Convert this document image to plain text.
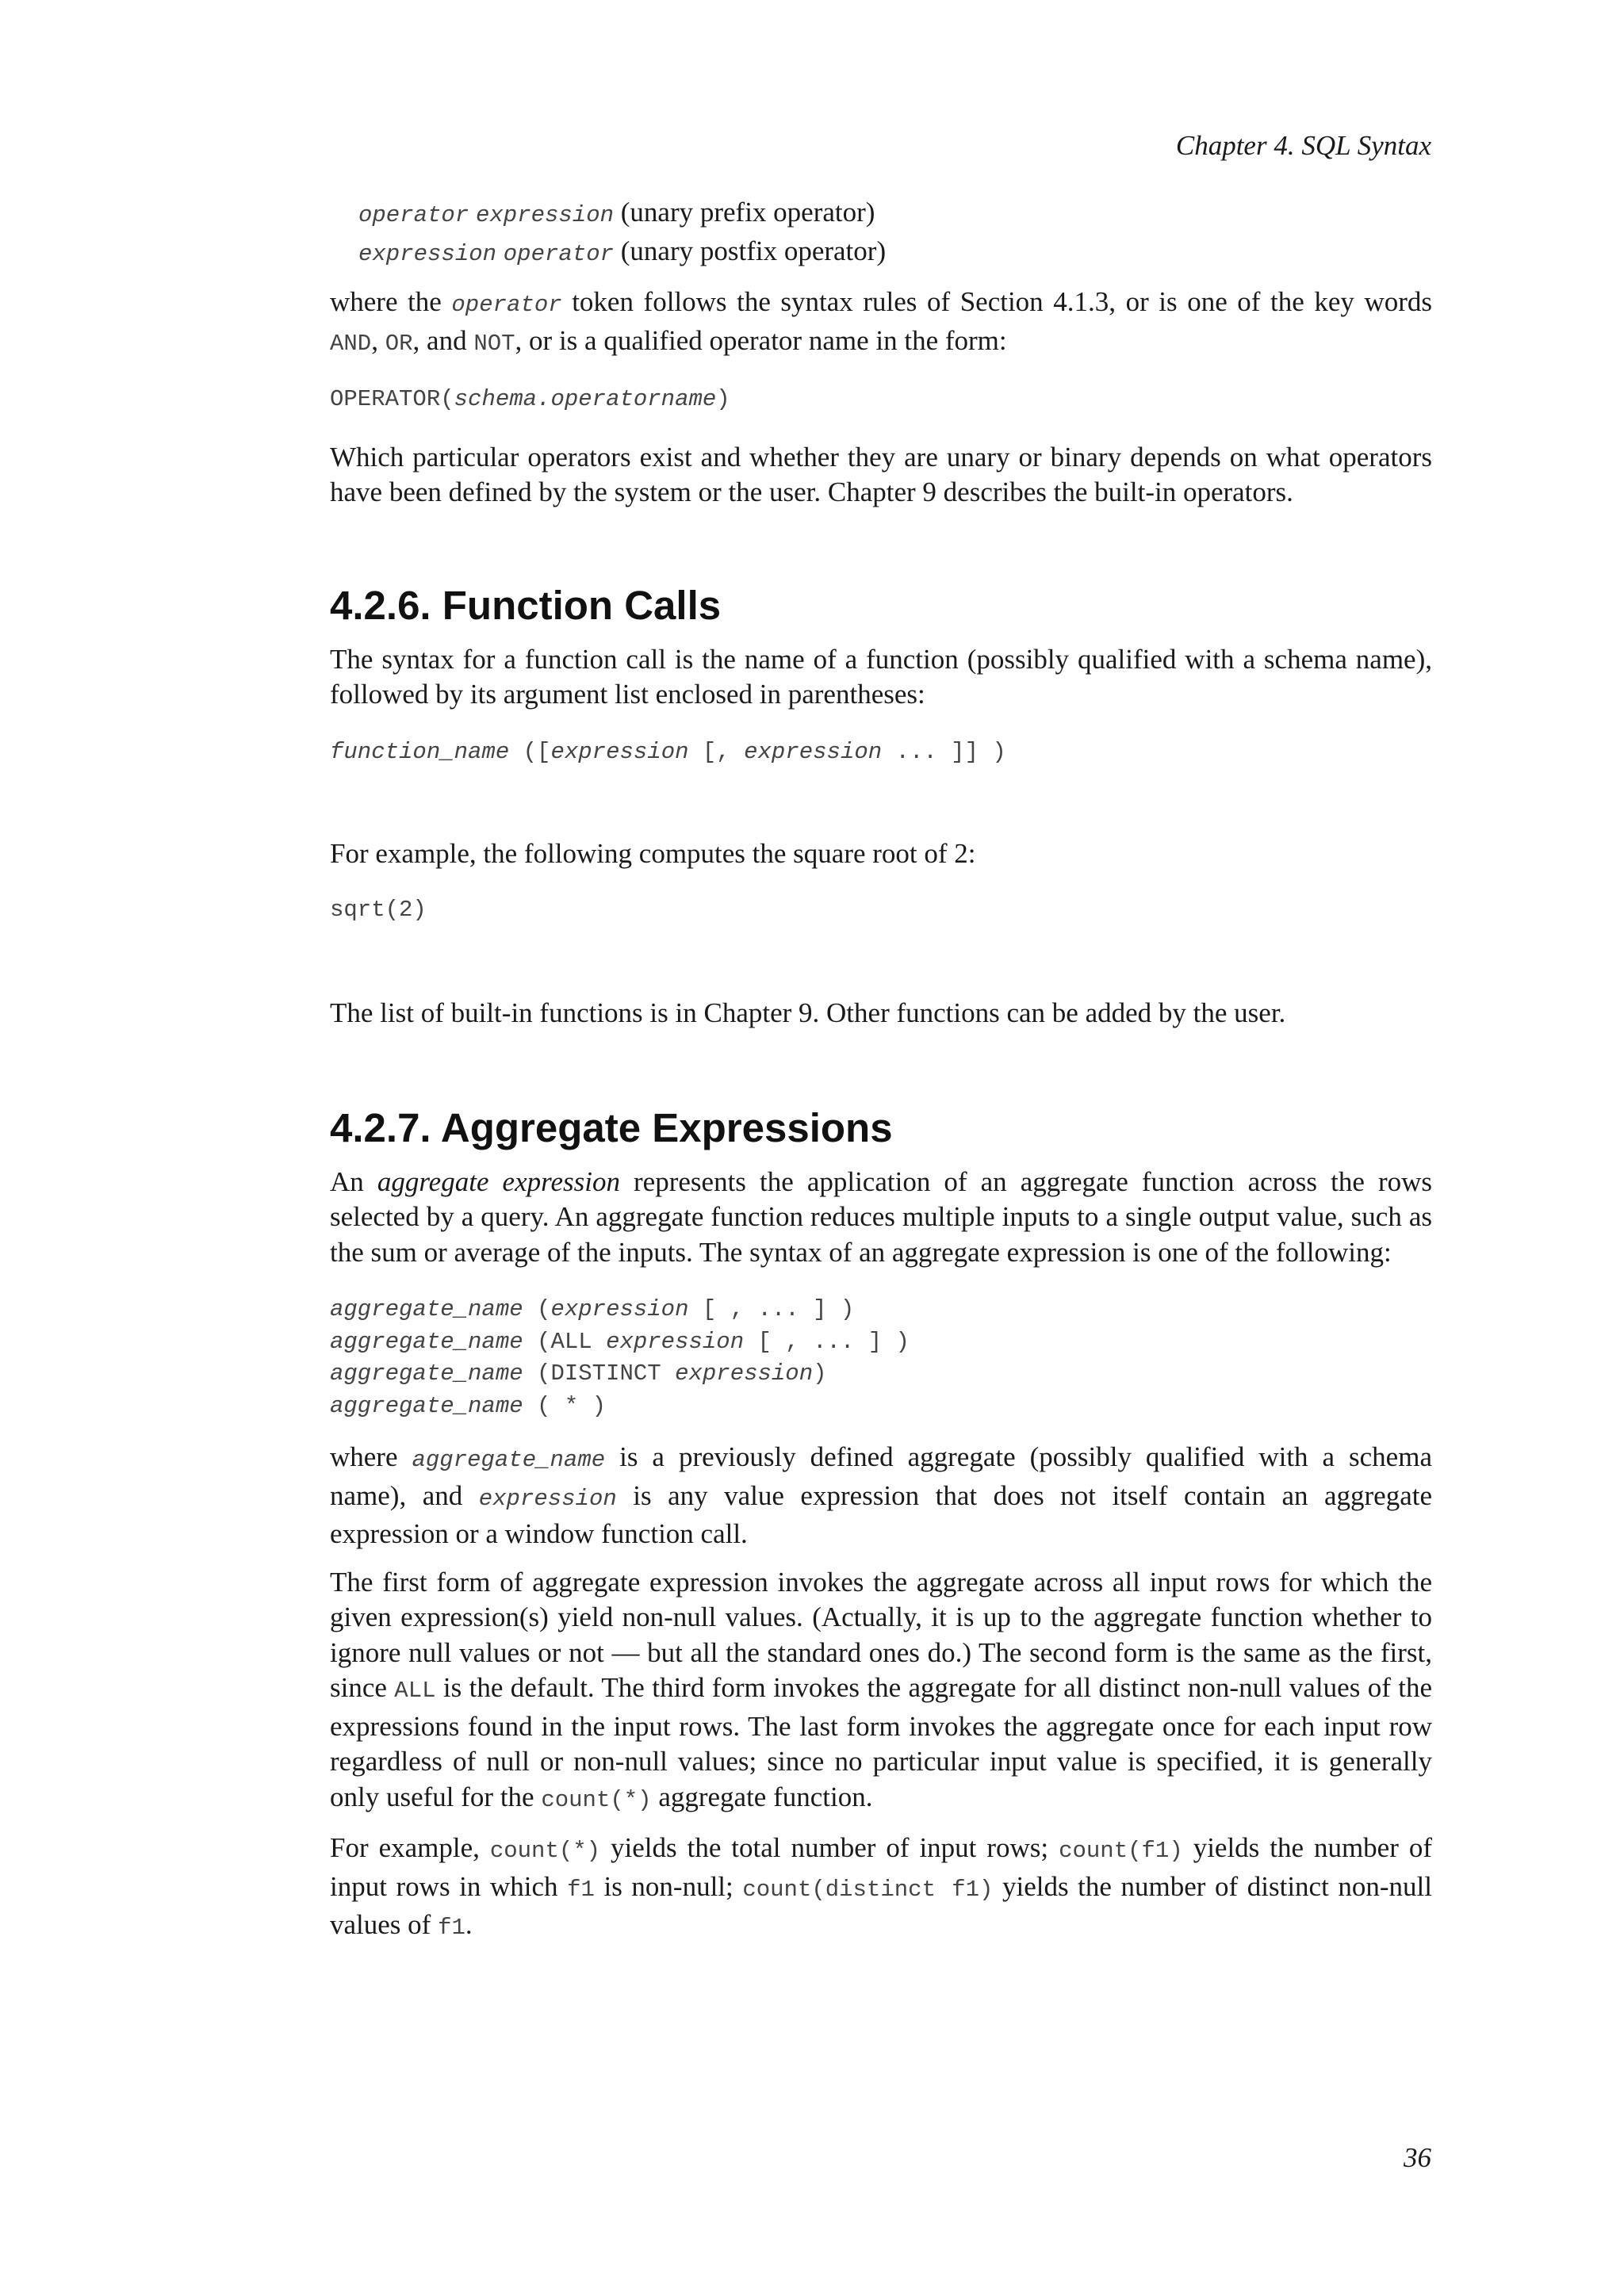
Chapter 4. SQL Syntax
operator expression (unary prefix operator)
expression operator (unary postfix operator)

where the operator token follows the syntax rules of Section 4.1.3, or is one of the key words AND, OR, and NOT, or is a qualified operator name in the form:

OPERATOR(schema.operatorname)

Which particular operators exist and whether they are unary or binary depends on what operators have been defined by the system or the user. Chapter 9 describes the built-in operators.

4.2.6. Function Calls

The syntax for a function call is the name of a function (possibly qualified with a schema name), followed by its argument list enclosed in parentheses:

function_name ([expression [, expression ... ]] )

For example, the following computes the square root of 2:

sqrt(2)

The list of built-in functions is in Chapter 9. Other functions can be added by the user.

4.2.7. Aggregate Expressions

An aggregate expression represents the application of an aggregate function across the rows selected by a query. An aggregate function reduces multiple inputs to a single output value, such as the sum or average of the inputs. The syntax of an aggregate expression is one of the following:

aggregate_name (expression [ , ... ] )
aggregate_name (ALL expression [ , ... ] )
aggregate_name (DISTINCT expression)
aggregate_name ( * )

where aggregate_name is a previously defined aggregate (possibly qualified with a schema name), and expression is any value expression that does not itself contain an aggregate expression or a window function call.

The first form of aggregate expression invokes the aggregate across all input rows for which the given expression(s) yield non-null values. (Actually, it is up to the aggregate function whether to ignore null values or not — but all the standard ones do.) The second form is the same as the first, since ALL is the default. The third form invokes the aggregate for all distinct non-null values of the expressions found in the input rows. The last form invokes the aggregate once for each input row regardless of null or non-null values; since no particular input value is specified, it is generally only useful for the count(*) aggregate function.

For example, count(*) yields the total number of input rows; count(f1) yields the number of input rows in which f1 is non-null; count(distinct f1) yields the number of distinct non-null values of f1.

36
